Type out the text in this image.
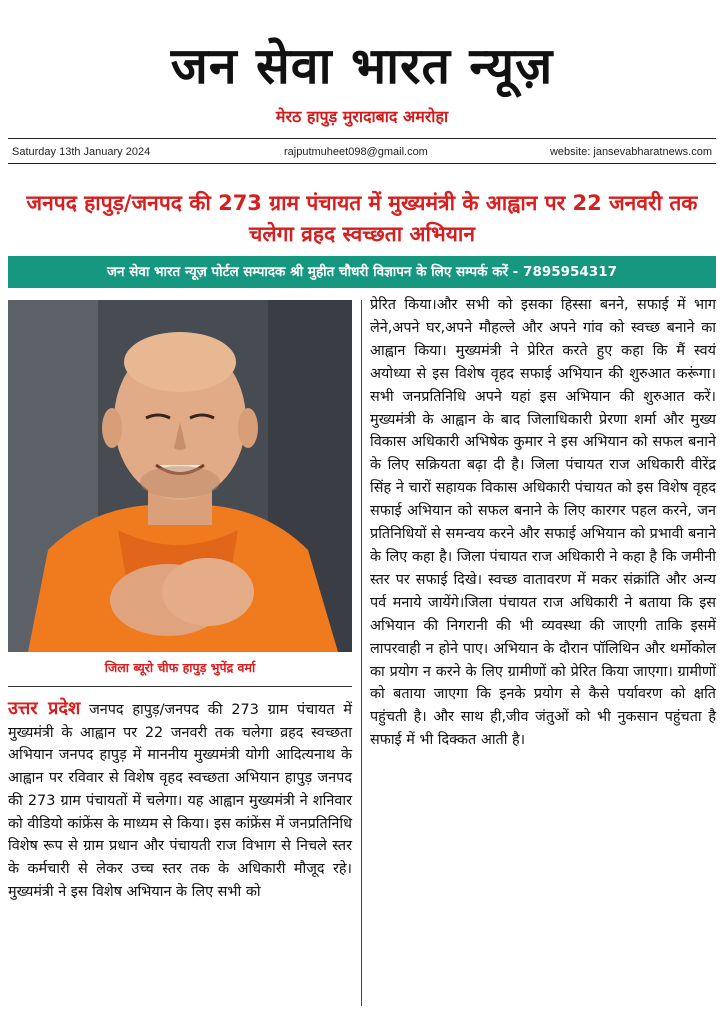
जन सेवा भारत न्यूज़
मेरठ हापुड़ मुरादाबाद अमरोहा
Saturday 13th January 2024	rajputmuheet098@gmail.com	website: jansevabharatnews.com
जनपद हापुड़/जनपद की 273 ग्राम पंचायत में मुख्यमंत्री के आह्वान पर 22 जनवरी तक चलेगा व्रहद स्वच्छता अभियान
जन सेवा भारत न्यूज़ पोर्टल सम्पादक श्री मुहीत चौधरी विज्ञापन के लिए सम्पर्क करें - 7895954317
जिला ब्यूरो चीफ हापुड़ भुपेंद्र वर्मा
उत्तर प्रदेश जनपद हापुड़/जनपद की 273 ग्राम पंचायत में मुख्यमंत्री के आह्वान पर 22 जनवरी तक चलेगा व्रहद स्वच्छता अभियान जनपद हापुड़ में माननीय मुख्यमंत्री योगी आदित्यनाथ के आह्वान पर रविवार से विशेष वृहद स्वच्छता अभियान हापुड़ जनपद की 273 ग्राम पंचायतों में चलेगा। यह आह्वान मुख्यमंत्री ने शनिवार को वीडियो कांफ्रेंस के माध्यम से किया। इस कांफ्रेंस में जनप्रतिनिधि विशेष रूप से ग्राम प्रधान और पंचायती राज विभाग से निचले स्तर के कर्मचारी से लेकर उच्च स्तर तक के अधिकारी मौजूद रहे। मुख्यमंत्री ने इस विशेष अभियान के लिए सभी को
प्रेरित किया।और सभी को इसका हिस्सा बनने, सफाई में भाग लेने,अपने घर,अपने मौहल्ले और अपने गांव को स्वच्छ बनाने का आह्वान किया। मुख्यमंत्री ने प्रेरित करते हुए कहा कि मैं स्वयं अयोध्या से इस विशेष वृहद सफाई अभियान की शुरुआत करूंगा। सभी जनप्रतिनिधि अपने यहां इस अभियान की शुरुआत करें। मुख्यमंत्री के आह्वान के बाद जिलाधिकारी प्रेरणा शर्मा और मुख्य विकास अधिकारी अभिषेक कुमार ने इस अभियान को सफल बनाने के लिए सक्रियता बढ़ा दी है। जिला पंचायत राज अधिकारी वीरेंद्र सिंह ने चारों सहायक विकास अधिकारी पंचायत को इस विशेष वृहद सफाई अभियान को सफल बनाने के लिए कारगर पहल करने, जन प्रतिनिधियों से समन्वय करने और सफाई अभियान को प्रभावी बनाने के लिए कहा है। जिला पंचायत राज अधिकारी ने कहा है कि जमीनी स्तर पर सफाई दिखे। स्वच्छ वातावरण में मकर संक्रांति और अन्य पर्व मनाये जायेंगे।जिला पंचायत राज अधिकारी ने बताया कि इस अभियान की निगरानी की भी व्यवस्था की जाएगी ताकि इसमें लापरवाही न होने पाए। अभियान के दौरान पॉलिथिन और थर्मोकोल का प्रयोग न करने के लिए ग्रामीणों को प्रेरित किया जाएगा। ग्रामीणों को बताया जाएगा कि इनके प्रयोग से कैसे पर्यावरण को क्षति पहुंचती है। और साथ ही,जीव जंतुओं को भी नुकसान पहुंचता है सफाई में भी दिक्कत आती है।
